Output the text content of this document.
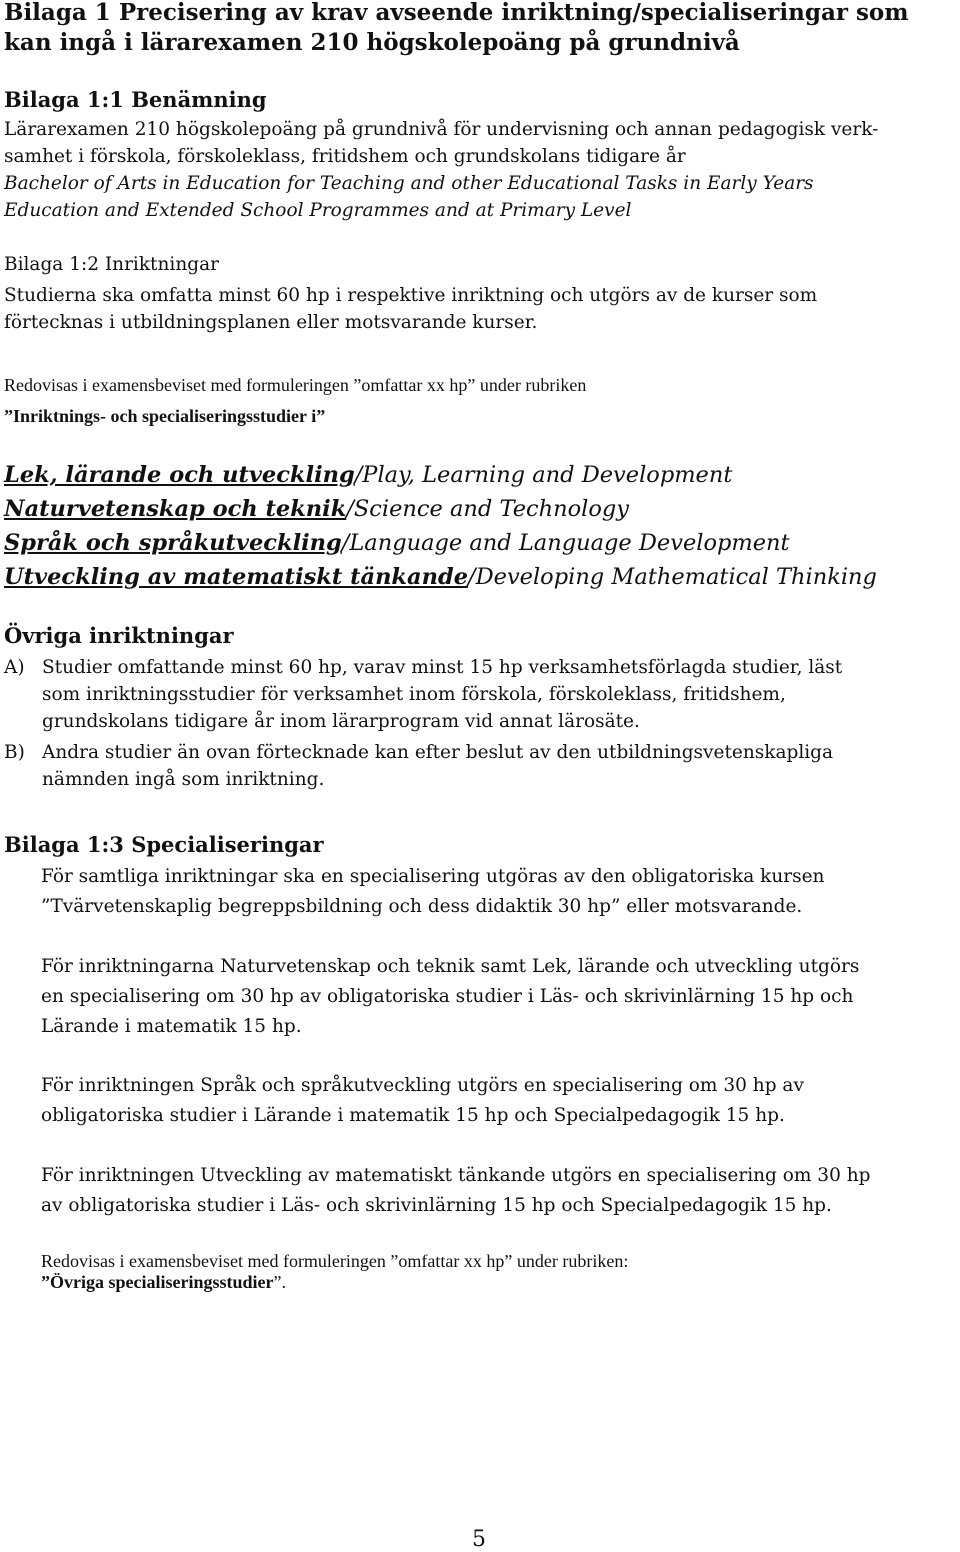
Bilaga 1 Precisering av krav avseende inriktning/specialiseringar som
kan ingå i lärarexamen 210 högskolepoäng på grundnivå
Bilaga 1:1 Benämning
Lärarexamen 210 högskolepoäng på grundnivå för undervisning och annan pedagogisk verk-
samhet i förskola, förskoleklass, fritidshem och grundskolans tidigare år
Bachelor of Arts in Education for Teaching and other Educational Tasks in Early Years
Education and Extended School Programmes and at Primary Level
Bilaga 1:2 Inriktningar
Studierna ska omfatta minst 60 hp i respektive inriktning och utgörs av de kurser som
förtecknas i utbildningsplanen eller motsvarande kurser.
Redovisas i examensbeviset med formuleringen ”omfattar xx hp” under rubriken
”Inriktnings- och specialiseringsstudier i”
Lek, lärande och utveckling/Play, Learning and Development
Naturvetenskap och teknik/Science and Technology
Språk och språkutveckling/Language and Language Development
Utveckling av matematiskt tänkande/Developing Mathematical Thinking
Övriga inriktningar
A) Studier omfattande minst 60 hp, varav minst 15 hp verksamhetsförlagda studier, läst
som inriktningsstudier för verksamhet inom förskola, förskoleklass, fritidshem,
grundskolans tidigare år inom lärarprogram vid annat lärosäte.
B) Andra studier än ovan förtecknade kan efter beslut av den utbildningsvetenskapliga
nämnden ingå som inriktning.
Bilaga 1:3 Specialiseringar
För samtliga inriktningar ska en specialisering utgöras av den obligatoriska kursen
”Tvärvetenskaplig begreppsbildning och dess didaktik 30 hp” eller motsvarande.
För inriktningarna Naturvetenskap och teknik samt Lek, lärande och utveckling utgörs
en specialisering om 30 hp av obligatoriska studier i Läs- och skrivinlärning 15 hp och
Lärande i matematik 15 hp.
För inriktningen Språk och språkutveckling utgörs en specialisering om 30 hp av
obligatoriska studier i Lärande i matematik 15 hp och Specialpedagogik 15 hp.
För inriktningen Utveckling av matematiskt tänkande utgörs en specialisering om 30 hp
av obligatoriska studier i Läs- och skrivinlärning 15 hp och Specialpedagogik 15 hp.
Redovisas i examensbeviset med formuleringen ”omfattar xx hp” under rubriken:
”Övriga specialiseringsstudier”.
5
